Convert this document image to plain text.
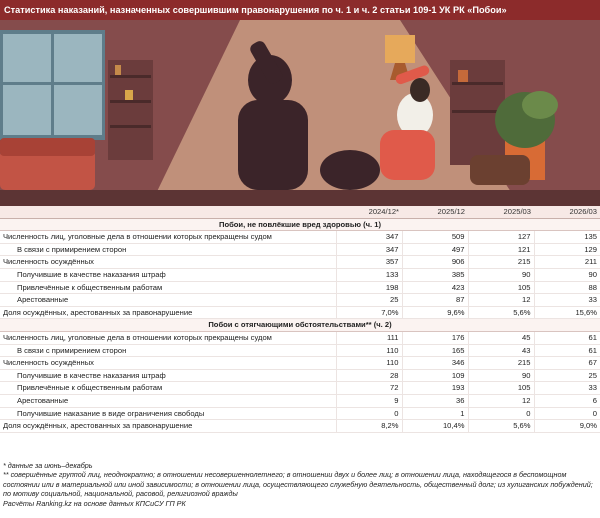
Статистика наказаний, назначенных совершившим правонарушения по ч. 1 и ч. 2 статьи 109-1 УК РК «Побои»
	2024/12*	2025/12	2025/03	2026/03
Побои, не повлёкшие вред здоровью (ч. 1)				
Численность лиц, уголовные дела в отношении которых прекращены судом	347	509	127	135
В связи с примирением сторон	347	497	121	129
Численность осуждённых	357	906	215	211
Получившие в качестве наказания штраф	133	385	90	90
Привлечённые к общественным работам	198	423	105	88
Арестованные	25	87	12	33
Доля осуждённых, арестованных за правонарушение	7,0%	9,6%	5,6%	15,6%
Побои с отягчающими обстоятельствами** (ч. 2)				
Численность лиц, уголовные дела в отношении которых прекращены судом	111	176	45	61
В связи с примирением сторон	110	165	43	61
Численность осуждённых	110	346	215	67
Получившие в качестве наказания штраф	28	109	90	25
Привлечённые к общественным работам	72	193	105	33
Арестованные	9	36	12	6
Получившие наказание в виде ограничения свободы	0	1	0	0
Доля осуждённых, арестованных за правонарушение	8,2%	10,4%	5,6%	9,0%

* данные за июнь–декабрь

** совершённые группой лиц, неоднократно; в отношении несовершеннолетнего; в отношении двух и более лиц; в отношении лица, находящегося в беспомощном состоянии или в материальной или иной зависимости; в отношении лица, осуществляющего служебную деятельность, общественный долг; из хулиганских побуждений; по мотиву социальной, национальной, расовой, религиозной вражды

Расчёты Ranking.kz на основе данных КПСиСУ ГП РК
